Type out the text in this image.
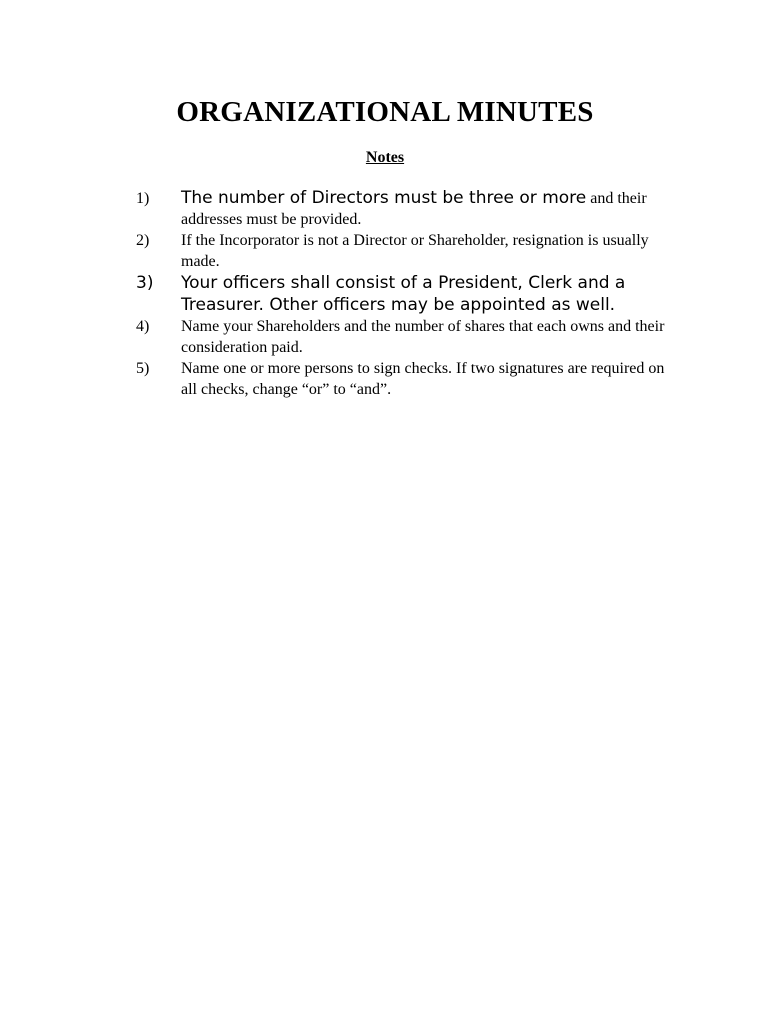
ORGANIZATIONAL MINUTES
Notes
1) The number of Directors must be three or more and their addresses must be provided.
2) If the Incorporator is not a Director or Shareholder, resignation is usually made.
3) Your officers shall consist of a President, Clerk and a Treasurer. Other officers may be appointed as well.
4) Name your Shareholders and the number of shares that each owns and their consideration paid.
5) Name one or more persons to sign checks. If two signatures are required on all checks, change “or” to “and”.
